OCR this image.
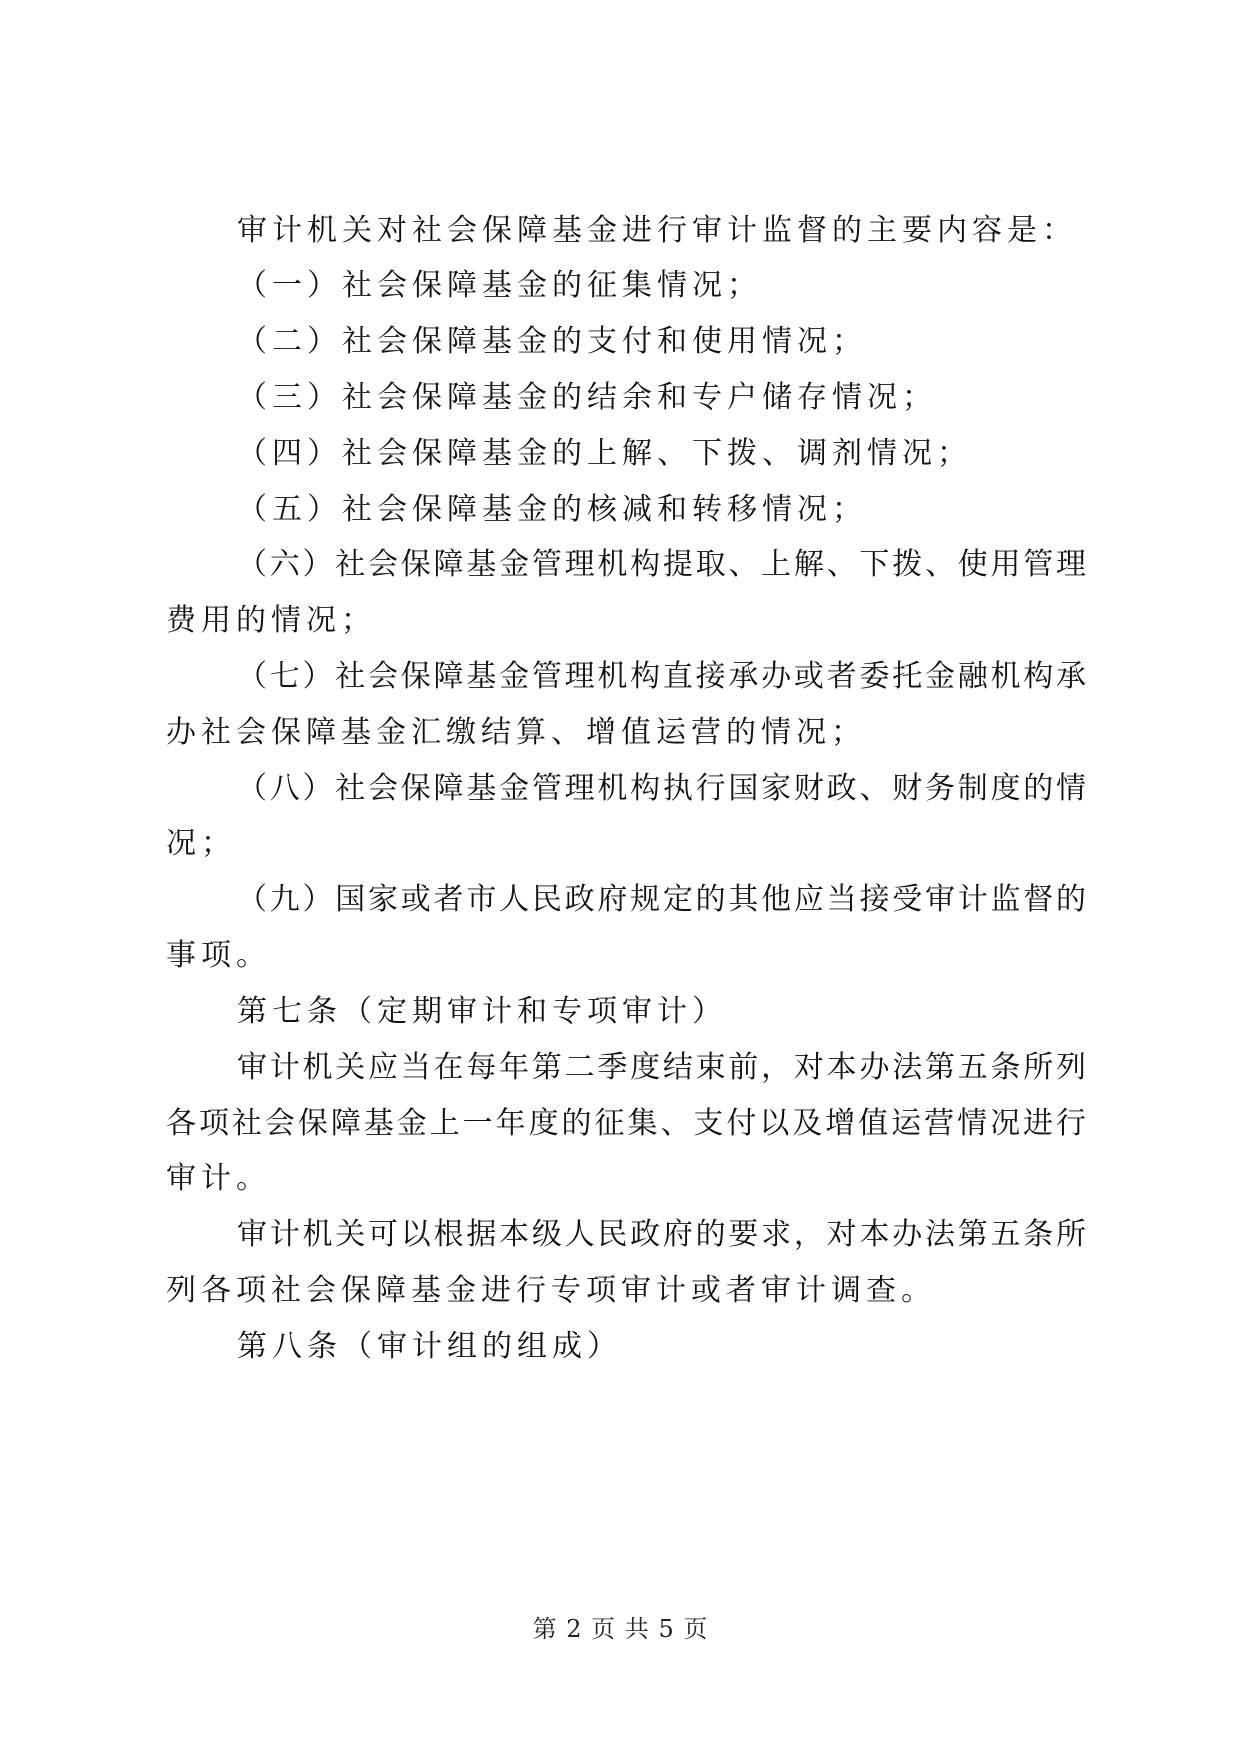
审计机关对社会保障基金进行审计监督的主要内容是：
（一）社会保障基金的征集情况；
（二）社会保障基金的支付和使用情况；
（三）社会保障基金的结余和专户储存情况；
（四）社会保障基金的上解、下拨、调剂情况；
（五）社会保障基金的核减和转移情况；
（六）社会保障基金管理机构提取、上解、下拨、使用管理
费用的情况；
（七）社会保障基金管理机构直接承办或者委托金融机构承
办社会保障基金汇缴结算、增值运营的情况；
（八）社会保障基金管理机构执行国家财政、财务制度的情
况；
（九）国家或者市人民政府规定的其他应当接受审计监督的
事项。
第七条（定期审计和专项审计）
审计机关应当在每年第二季度结束前，对本办法第五条所列
各项社会保障基金上一年度的征集、支付以及增值运营情况进行
审计。
审计机关可以根据本级人民政府的要求，对本办法第五条所
列各项社会保障基金进行专项审计或者审计调查。
第八条（审计组的组成）
第 2 页 共 5 页
